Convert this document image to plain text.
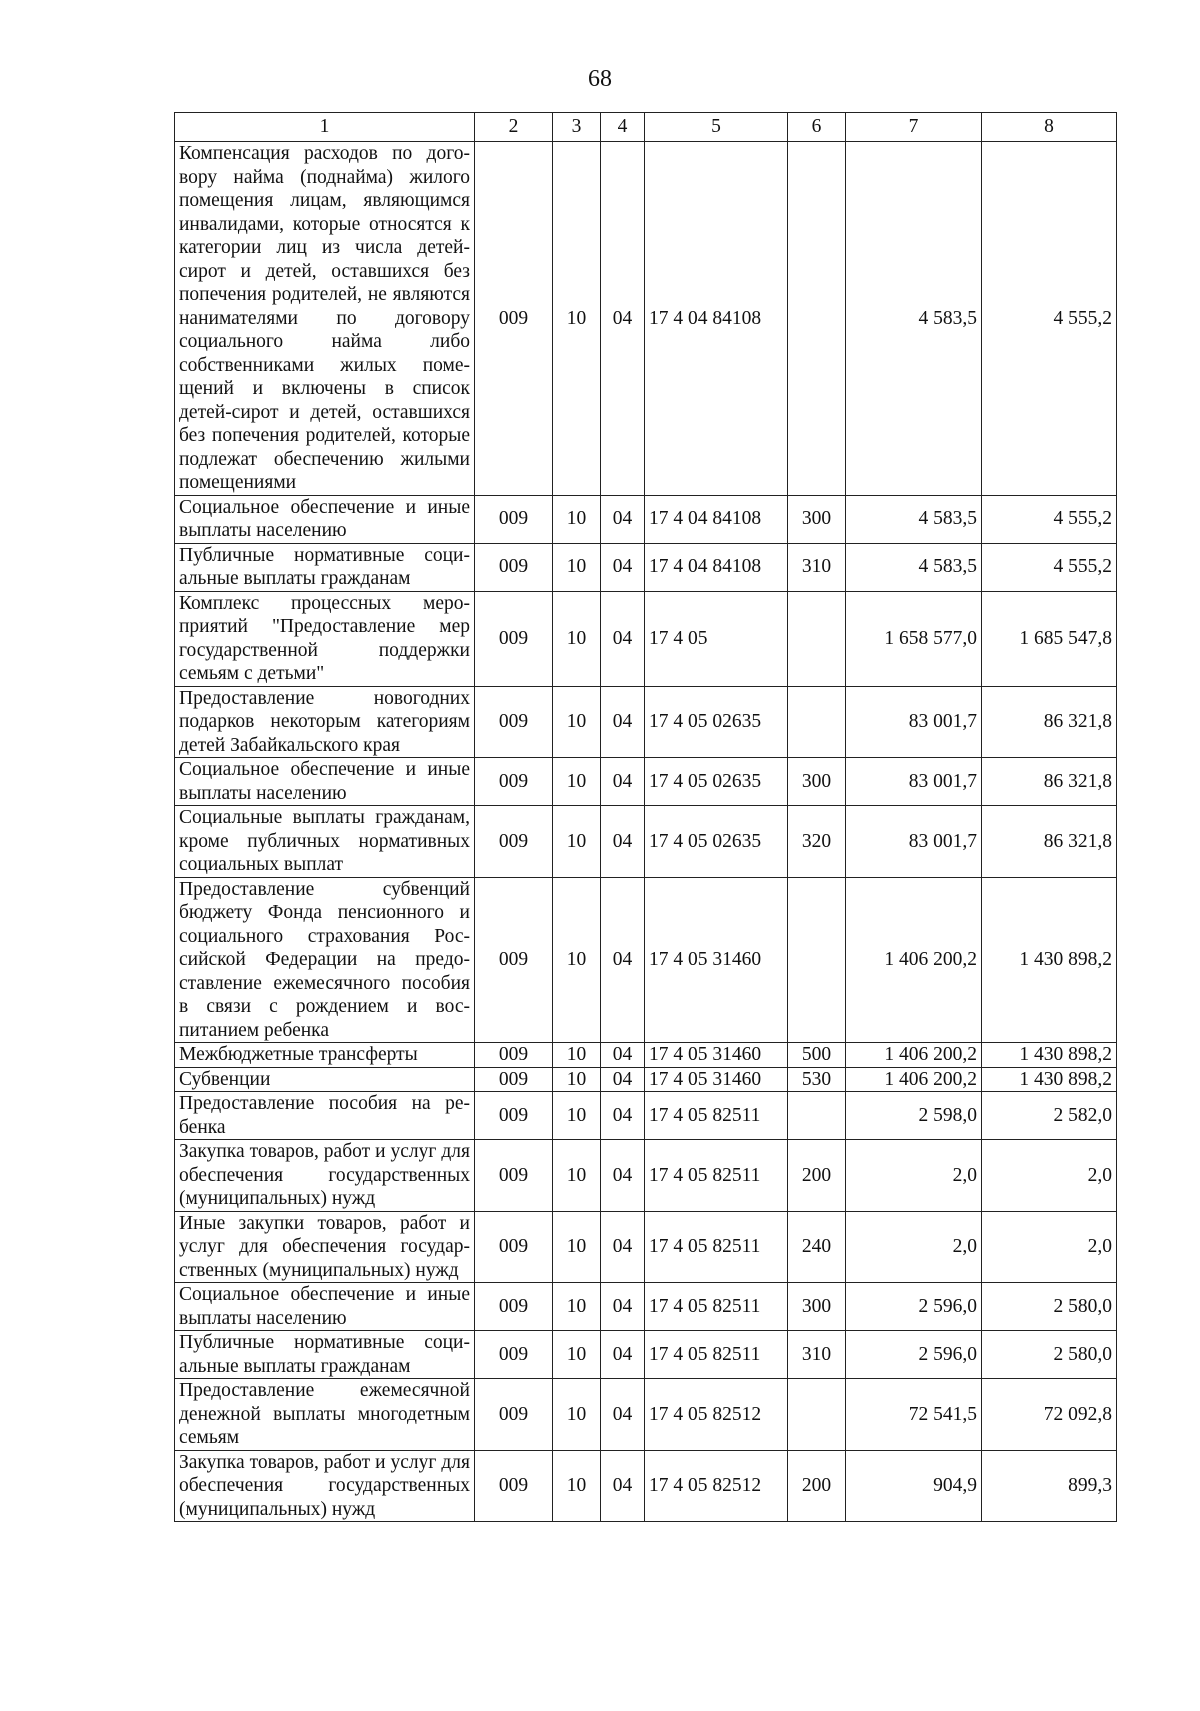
68
1	2	3	4	5	6	7	8
Компенсация расходов по договору найма (поднайма) жилого помещения лицам, являющимся инвалидами, которые относятся к категории лиц из числа детей-сирот и детей, оставшихся без попечения родителей, не являются нанимателями по договору социального найма либо собственниками жилых помещений и включены в список детей-сирот и детей, оставшихся без попечения родителей, которые подлежат обеспечению жилыми помещениями	009	10	04	17 4 04 84108		4 583,5	4 555,2
Социальное обеспечение и иные выплаты населению	009	10	04	17 4 04 84108	300	4 583,5	4 555,2
Публичные нормативные социальные выплаты гражданам	009	10	04	17 4 04 84108	310	4 583,5	4 555,2
Комплекс процессных мероприятий "Предоставление мер государственной поддержки семьям с детьми"	009	10	04	17 4 05		1 658 577,0	1 685 547,8
Предоставление новогодних подарков некоторым категориям детей Забайкальского края	009	10	04	17 4 05 02635		83 001,7	86 321,8
Социальное обеспечение и иные выплаты населению	009	10	04	17 4 05 02635	300	83 001,7	86 321,8
Социальные выплаты гражданам, кроме публичных нормативных социальных выплат	009	10	04	17 4 05 02635	320	83 001,7	86 321,8
Предоставление субвенций бюджету Фонда пенсионного и социального страхования Российской Федерации на предоставление ежемесячного пособия в связи с рождением и воспитанием ребенка	009	10	04	17 4 05 31460		1 406 200,2	1 430 898,2
Межбюджетные трансферты	009	10	04	17 4 05 31460	500	1 406 200,2	1 430 898,2
Субвенции	009	10	04	17 4 05 31460	530	1 406 200,2	1 430 898,2
Предоставление пособия на ребенка	009	10	04	17 4 05 82511		2 598,0	2 582,0
Закупка товаров, работ и услуг для обеспечения государственных (муниципальных) нужд	009	10	04	17 4 05 82511	200	2,0	2,0
Иные закупки товаров, работ и услуг для обеспечения государственных (муниципальных) нужд	009	10	04	17 4 05 82511	240	2,0	2,0
Социальное обеспечение и иные выплаты населению	009	10	04	17 4 05 82511	300	2 596,0	2 580,0
Публичные нормативные социальные выплаты гражданам	009	10	04	17 4 05 82511	310	2 596,0	2 580,0
Предоставление ежемесячной денежной выплаты многодетным семьям	009	10	04	17 4 05 82512		72 541,5	72 092,8
Закупка товаров, работ и услуг для обеспечения государственных (муниципальных) нужд	009	10	04	17 4 05 82512	200	904,9	899,3
